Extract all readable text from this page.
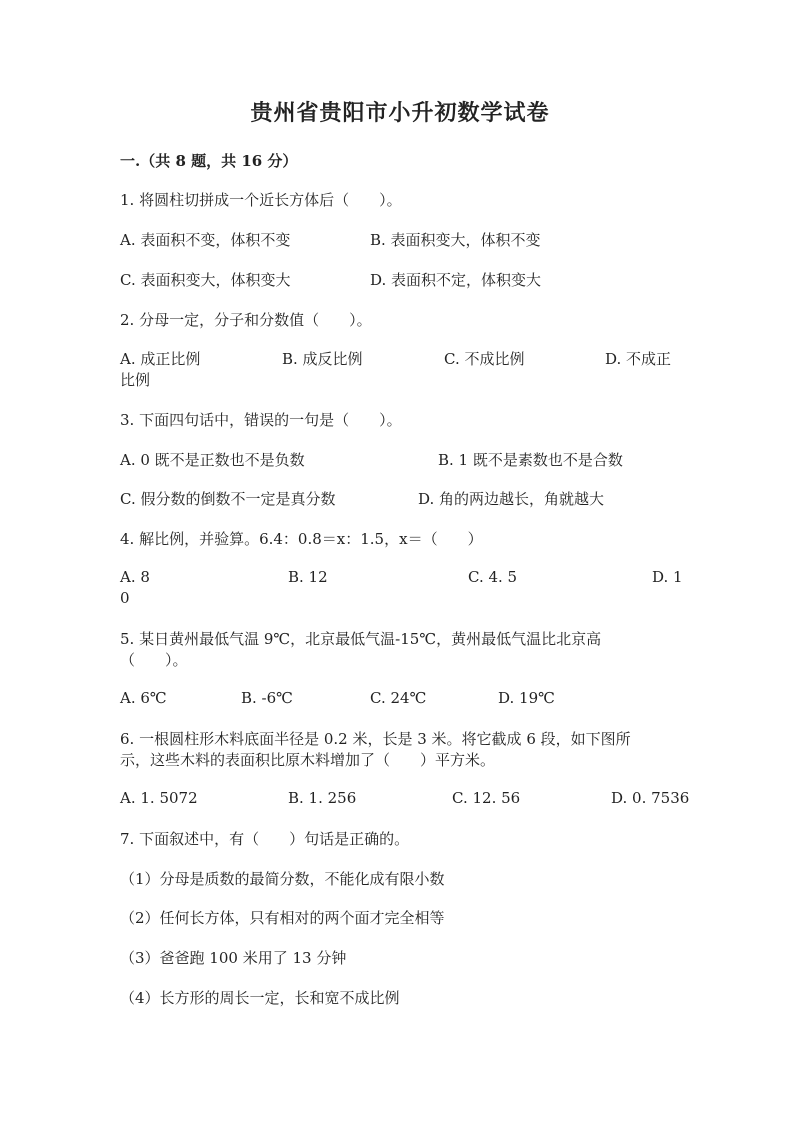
贵州省贵阳市小升初数学试卷
一.（共 8 题，共 16 分）
1. 将圆柱切拼成一个近长方体后（　　）。
A. 表面积不变，体积不变	B. 表面积变大，体积不变
C. 表面积变大，体积变大	D. 表面积不定，体积变大
2. 分母一定，分子和分数值（　　）。
A. 成正比例	B. 成反比例	C. 不成比例	D. 不成正
比例
3. 下面四句话中，错误的一句是（　　）。
A. 0 既不是正数也不是负数	B. 1 既不是素数也不是合数
C. 假分数的倒数不一定是真分数	D. 角的两边越长，角就越大
4. 解比例，并验算。6.4：0.8＝x：1.5，x＝（　　）
A. 8	B. 12	C. 4. 5	D. 1
0
5. 某日黄州最低气温 9℃，北京最低气温-15℃，黄州最低气温比北京高
（　　）。
A. 6℃	B. -6℃	C. 24℃	D. 19℃
6. 一根圆柱形木料底面半径是 0.2 米，长是 3 米。将它截成 6 段，如下图所
示，这些木料的表面积比原木料增加了（　　）平方米。
A. 1. 5072	B. 1. 256	C. 12. 56	D. 0. 7536
7. 下面叙述中，有（　　）句话是正确的。
（1）分母是质数的最简分数，不能化成有限小数
（2）任何长方体，只有相对的两个面才完全相等
（3）爸爸跑 100 米用了 13 分钟
（4）长方形的周长一定，长和宽不成比例
